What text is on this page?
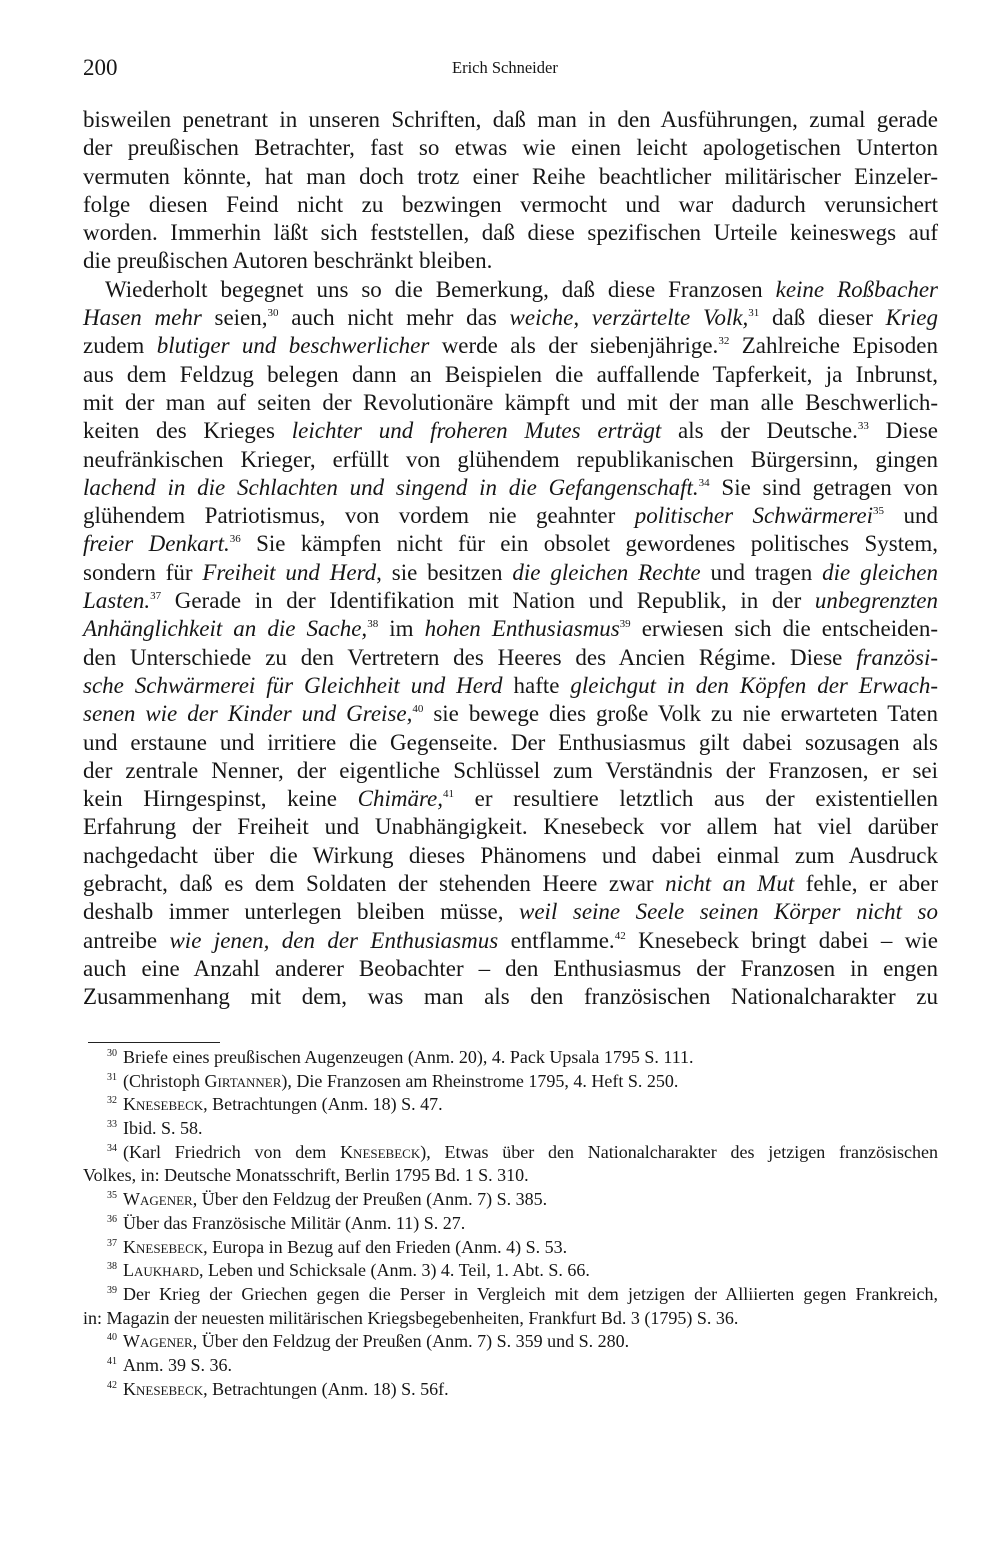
200	Erich Schneider
bisweilen penetrant in unseren Schriften, daß man in den Ausführungen, zumal gerade
der preußischen Betrachter, fast so etwas wie einen leicht apologetischen Unterton
vermuten könnte, hat man doch trotz einer Reihe beachtlicher militärischer Einzeler-
folge diesen Feind nicht zu bezwingen vermocht und war dadurch verunsichert
worden. Immerhin läßt sich feststellen, daß diese spezifischen Urteile keineswegs auf
die preußischen Autoren beschränkt bleiben.
Wiederholt begegnet uns so die Bemerkung, daß diese Franzosen keine Roßbacher
Hasen mehr seien,$^{30}$ auch nicht mehr das weiche, verzärtelte Volk,$^{31}$ daß dieser Krieg
zudem blutiger und beschwerlicher werde als der siebenjährige.$^{32}$ Zahlreiche Episoden
aus dem Feldzug belegen dann an Beispielen die auffallende Tapferkeit, ja Inbrunst,
mit der man auf seiten der Revolutionäre kämpft und mit der man alle Beschwerlich-
keiten des Krieges leichter und froheren Mutes erträgt als der Deutsche.$^{33}$ Diese
neufränkischen Krieger, erfüllt von glühendem republikanischen Bürgersinn, gingen
lachend in die Schlachten und singend in die Gefangenschaft.$^{34}$ Sie sind getragen von
glühendem Patriotismus, von vordem nie geahnter politischer Schwärmerei$^{35}$ und
freier Denkart.$^{36}$ Sie kämpfen nicht für ein obsolet gewordenes politisches System,
sondern für Freiheit und Herd, sie besitzen die gleichen Rechte und tragen die gleichen
Lasten.$^{37}$ Gerade in der Identifikation mit Nation und Republik, in der unbegrenzten
Anhänglichkeit an die Sache,$^{38}$ im hohen Enthusiasmus$^{39}$ erwiesen sich die entscheiden-
den Unterschiede zu den Vertretern des Heeres des Ancien Régime. Diese französi-
sche Schwärmerei für Gleichheit und Herd hafte gleichgut in den Köpfen der Erwach-
senen wie der Kinder und Greise,$^{40}$ sie bewege dies große Volk zu nie erwarteten Taten
und erstaune und irritiere die Gegenseite. Der Enthusiasmus gilt dabei sozusagen als
der zentrale Nenner, der eigentliche Schlüssel zum Verständnis der Franzosen, er sei
kein Hirngespinst, keine Chimäre,$^{41}$ er resultiere letztlich aus der existentiellen
Erfahrung der Freiheit und Unabhängigkeit. Knesebeck vor allem hat viel darüber
nachgedacht über die Wirkung dieses Phänomens und dabei einmal zum Ausdruck
gebracht, daß es dem Soldaten der stehenden Heere zwar nicht an Mut fehle, er aber
deshalb immer unterlegen bleiben müsse, weil seine Seele seinen Körper nicht so
antreibe wie jenen, den der Enthusiasmus entflamme.$^{42}$ Knesebeck bringt dabei – wie
auch eine Anzahl anderer Beobachter – den Enthusiasmus der Franzosen in engen
Zusammenhang mit dem, was man als den französischen Nationalcharakter zu
$^{30}$ Briefe eines preußischen Augenzeugen (Anm. 20), 4. Pack Upsala 1795 S. 111.
$^{31}$ (Christoph Girtanner), Die Franzosen am Rheinstrome 1795, 4. Heft S. 250.
$^{32}$ Knesebeck, Betrachtungen (Anm. 18) S. 47.
$^{33}$ Ibid. S. 58.
$^{34}$ (Karl Friedrich von dem Knesebeck), Etwas über den Nationalcharakter des jetzigen französischen
Volkes, in: Deutsche Monatsschrift, Berlin 1795 Bd. 1 S. 310.
$^{35}$ Wagener, Über den Feldzug der Preußen (Anm. 7) S. 385.
$^{36}$ Über das Französische Militär (Anm. 11) S. 27.
$^{37}$ Knesebeck, Europa in Bezug auf den Frieden (Anm. 4) S. 53.
$^{38}$ Laukhard, Leben und Schicksale (Anm. 3) 4. Teil, 1. Abt. S. 66.
$^{39}$ Der Krieg der Griechen gegen die Perser in Vergleich mit dem jetzigen der Alliierten gegen Frankreich,
in: Magazin der neuesten militärischen Kriegsbegebenheiten, Frankfurt Bd. 3 (1795) S. 36.
$^{40}$ Wagener, Über den Feldzug der Preußen (Anm. 7) S. 359 und S. 280.
$^{41}$ Anm. 39 S. 36.
$^{42}$ Knesebeck, Betrachtungen (Anm. 18) S. 56f.
